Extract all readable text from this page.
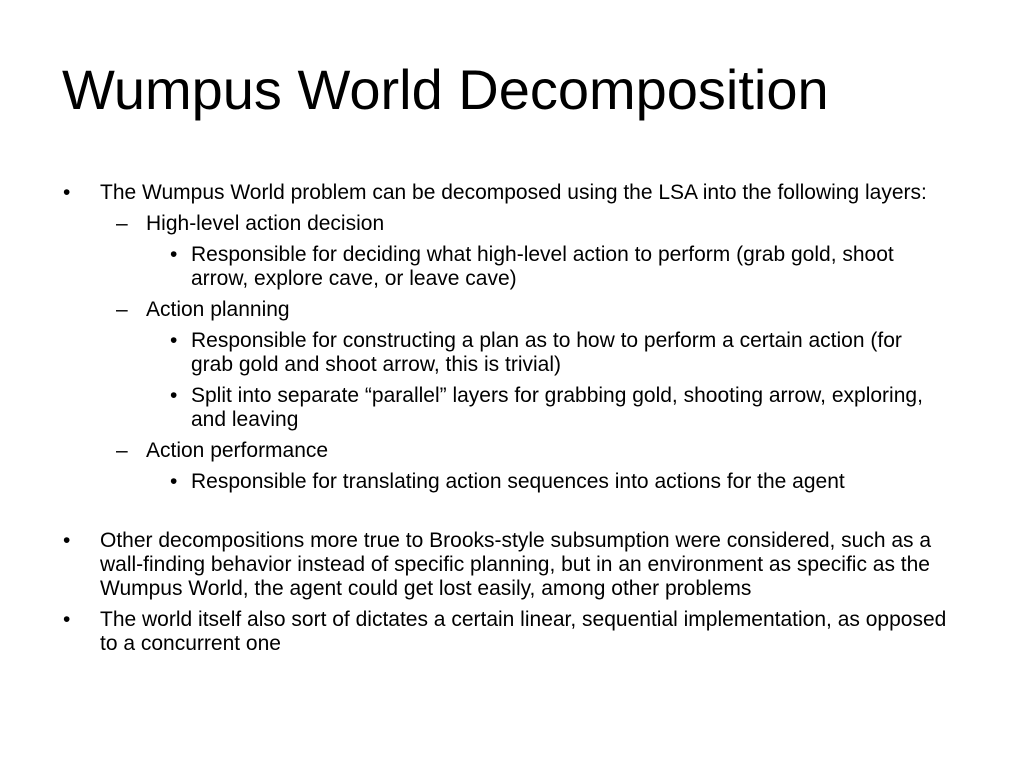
Wumpus World Decomposition
• The Wumpus World problem can be decomposed using the LSA into the following layers:
– High-level action decision
• Responsible for deciding what high-level action to perform (grab gold, shoot arrow, explore cave, or leave cave)
– Action planning
• Responsible for constructing a plan as to how to perform a certain action (for grab gold and shoot arrow, this is trivial)
• Split into separate “parallel” layers for grabbing gold, shooting arrow, exploring, and leaving
– Action performance
• Responsible for translating action sequences into actions for the agent
• Other decompositions more true to Brooks-style subsumption were considered, such as a wall-finding behavior instead of specific planning, but in an environment as specific as the Wumpus World, the agent could get lost easily, among other problems
• The world itself also sort of dictates a certain linear, sequential implementation, as opposed to a concurrent one
